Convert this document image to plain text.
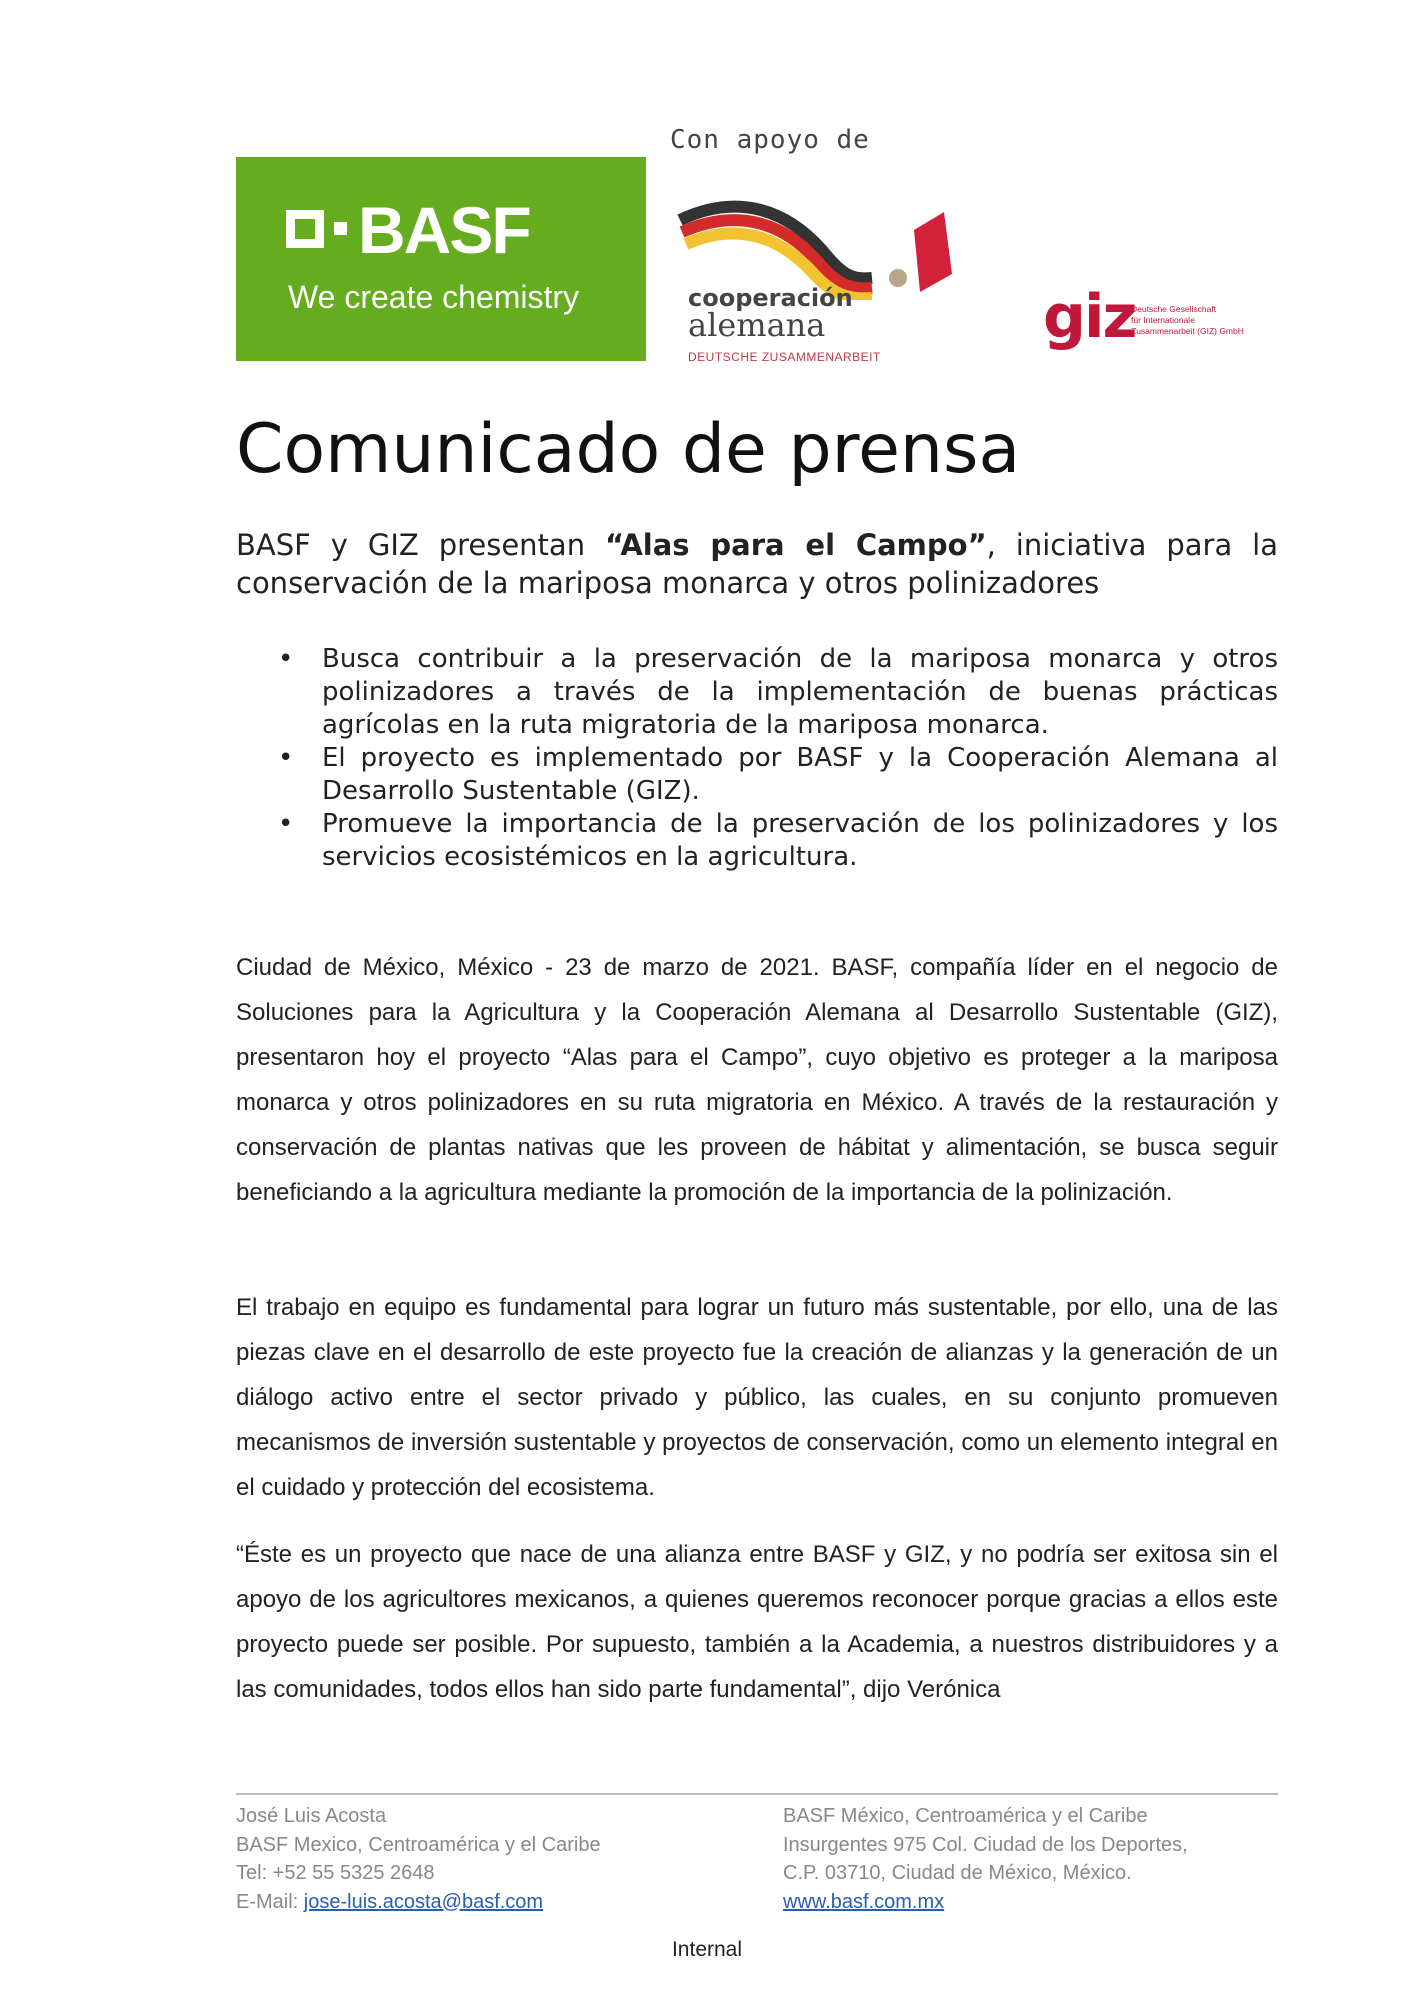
BASF
We create chemistry
Con apoyo de
cooperación
alemana
DEUTSCHE ZUSAMMENARBEIT
giz
Deutsche Gesellschaft
für Internationale
Zusammenarbeit (GIZ) GmbH
Comunicado de prensa

BASF y GIZ presentan “Alas para el Campo”, iniciativa para la conservación de la mariposa monarca y otros polinizadores

• Busca contribuir a la preservación de la mariposa monarca y otros polinizadores a través de la implementación de buenas prácticas agrícolas en la ruta migratoria de la mariposa monarca.
• El proyecto es implementado por BASF y la Cooperación Alemana al Desarrollo Sustentable (GIZ).
• Promueve la importancia de la preservación de los polinizadores y los servicios ecosistémicos en la agricultura.

Ciudad de México, México - 23 de marzo de 2021. BASF, compañía líder en el negocio de Soluciones para la Agricultura y la Cooperación Alemana al Desarrollo Sustentable (GIZ), presentaron hoy el proyecto “Alas para el Campo”, cuyo objetivo es proteger a la mariposa monarca y otros polinizadores en su ruta migratoria en México. A través de la restauración y conservación de plantas nativas que les proveen de hábitat y alimentación, se busca seguir beneficiando a la agricultura mediante la promoción de la importancia de la polinización.

El trabajo en equipo es fundamental para lograr un futuro más sustentable, por ello, una de las piezas clave en el desarrollo de este proyecto fue la creación de alianzas y la generación de un diálogo activo entre el sector privado y público, las cuales, en su conjunto promueven mecanismos de inversión sustentable y proyectos de conservación, como un elemento integral en el cuidado y protección del ecosistema.

“Éste es un proyecto que nace de una alianza entre BASF y GIZ, y no podría ser exitosa sin el apoyo de los agricultores mexicanos, a quienes queremos reconocer porque gracias a ellos este proyecto puede ser posible. Por supuesto, también a la Academia, a nuestros distribuidores y a las comunidades, todos ellos han sido parte fundamental”, dijo Verónica

José Luis Acosta
BASF Mexico, Centroamérica y el Caribe
Tel: +52 55 5325 2648
E-Mail: jose-luis.acosta@basf.com
BASF México, Centroamérica y el Caribe
Insurgentes 975 Col. Ciudad de los Deportes,
C.P. 03710, Ciudad de México, México.
www.basf.com.mx
Internal
